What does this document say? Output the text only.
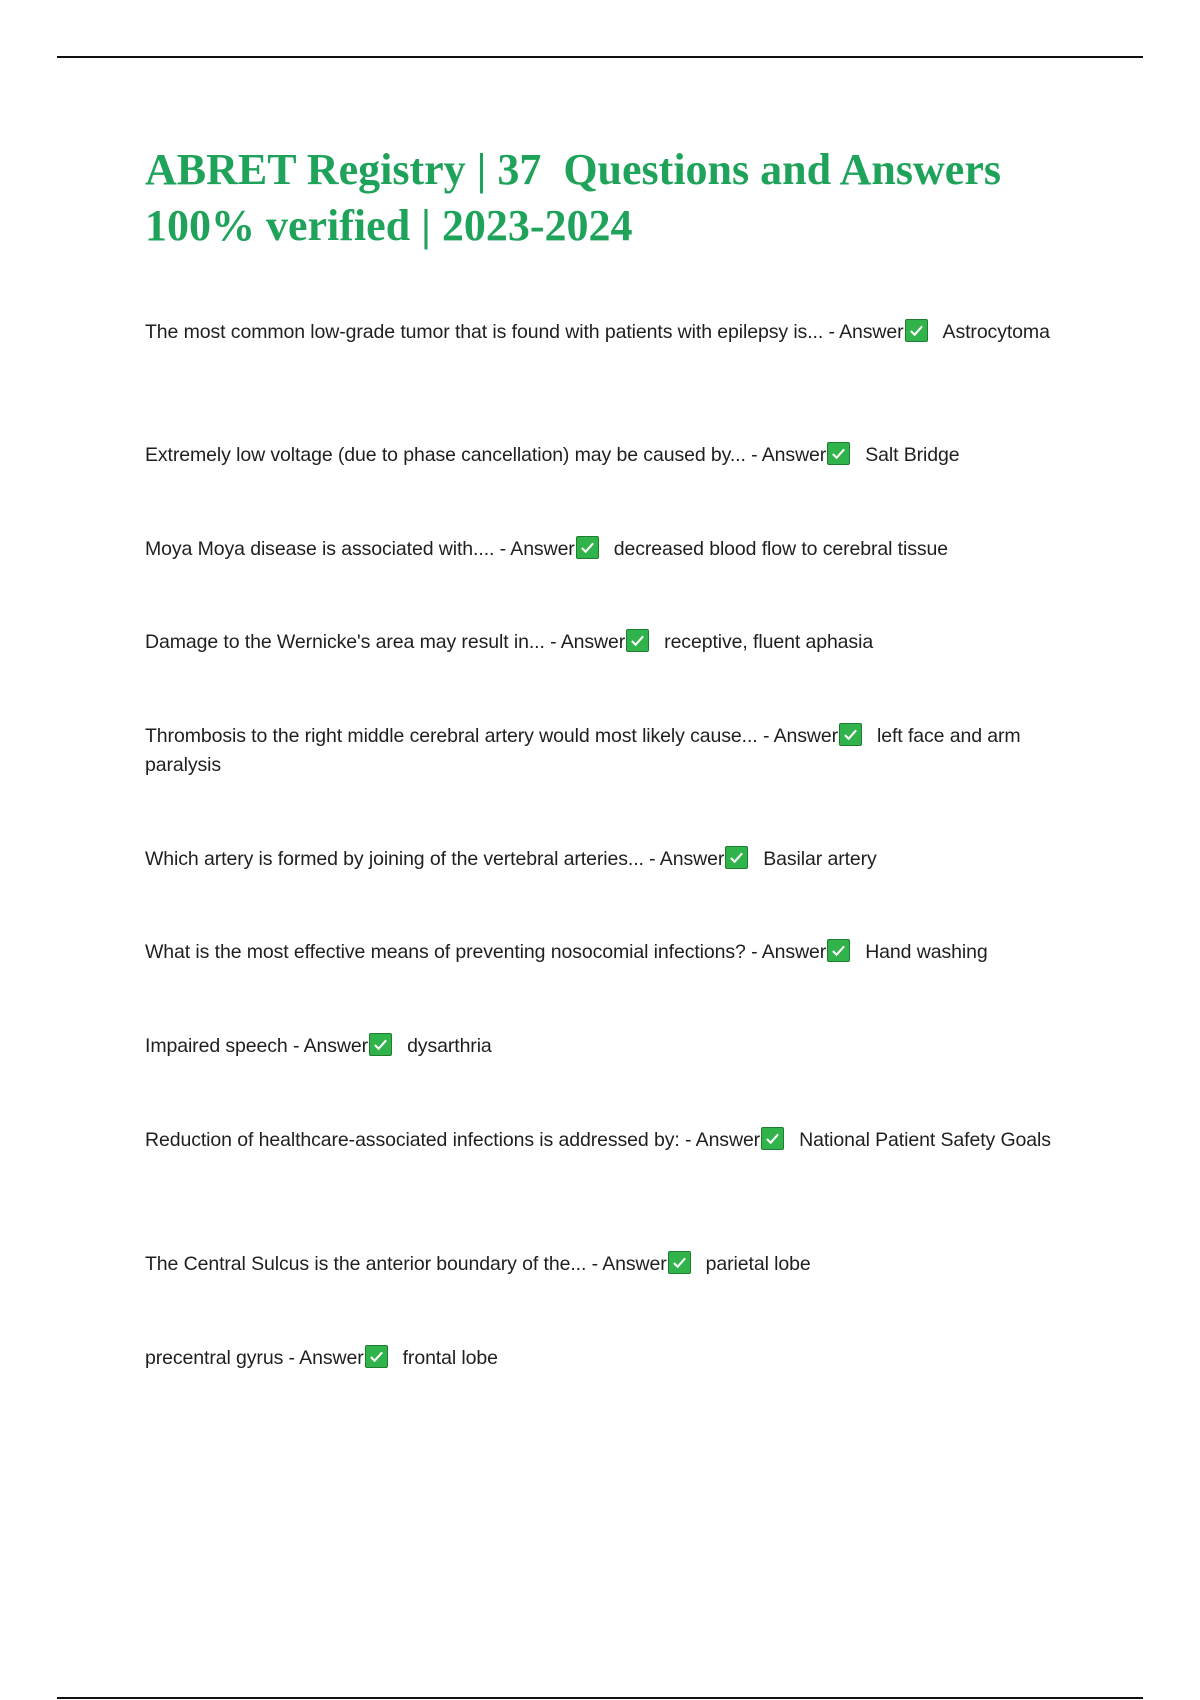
ABRET Registry | 37  Questions and Answers
100% verified | 2023-2024
The most common low-grade tumor that is found with patients with epilepsy is... - Answer Astrocytoma
Extremely low voltage (due to phase cancellation) may be caused by... - Answer Salt Bridge
Moya Moya disease is associated with.... - Answer decreased blood flow to cerebral tissue
Damage to the Wernicke's area may result in... - Answer receptive, fluent aphasia
Thrombosis to the right middle cerebral artery would most likely cause... - Answer left face and arm paralysis
Which artery is formed by joining of the vertebral arteries... - Answer Basilar artery
What is the most effective means of preventing nosocomial infections? - Answer Hand washing
Impaired speech - Answer dysarthria
Reduction of healthcare-associated infections is addressed by: - Answer National Patient Safety Goals
The Central Sulcus is the anterior boundary of the... - Answer parietal lobe
precentral gyrus - Answer frontal lobe
